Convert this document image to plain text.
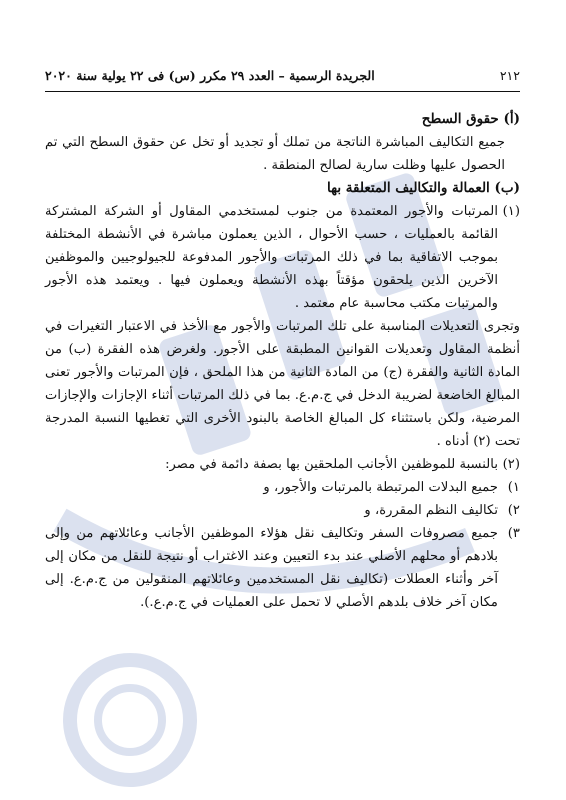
٢١٢
الجريدة الرسمية – العدد ٢٩ مكرر (س) فى ٢٢ يولية سنة ٢٠٢٠

(أ) حقوق السطح

جميع التكاليف المباشرة الناتجة من تملك أو تجديد أو تخل عن حقوق السطح التي تم الحصول عليها وظلت سارية لصالح المنطقة .

(ب) العمالة والتكاليف المتعلقة بها

(١)
المرتبات والأجور المعتمدة من جنوب لمستخدمي المقاول أو الشركة المشتركة القائمة بالعمليات ، حسب الأحوال ، الذين يعملون مباشرة في الأنشطة المختلفة بموجب الاتفاقية بما في ذلك المرتبات والأجور المدفوعة للجيولوجيين والموظفين الآخرين الذين يلحقون مؤقتاً بهذه الأنشطة ويعملون فيها . ويعتمد هذه الأجور والمرتبات مكتب محاسبة عام معتمد .

وتجرى التعديلات المناسبة على تلك المرتبات والأجور مع الأخذ في الاعتبار التغيرات في أنظمة المقاول وتعديلات القوانين المطبقة على الأجور. ولغرض هذه الفقرة (ب) من المادة الثانية والفقرة (ج) من المادة الثانية من هذا الملحق ، فإن المرتبات والأجور تعنى المبالغ الخاضعة لضريبة الدخل في ج.م.ع. بما في ذلك المرتبات أثناء الإجازات والإجازات المرضية، ولكن باستثناء كل المبالغ الخاصة بالبنود الأخرى التي تغطيها النسبة المدرجة تحت (٢) أدناه .

(٢)
بالنسبة للموظفين الأجانب الملحقين بها بصفة دائمة في مصر:
١)
جميع البدلات المرتبطة بالمرتبات والأجور، و
٢)
تكاليف النظم المقررة، و
٣)
جميع مصروفات السفر وتكاليف نقل هؤلاء الموظفين الأجانب وعائلاتهم من وإلى بلادهم أو محلهم الأصلي عند بدء التعيين وعند الاغتراب أو نتيجة للنقل من مكان إلى آخر وأثناء العطلات (تكاليف نقل المستخدمين وعائلاتهم المنقولين من ج.م.ع. إلى مكان آخر خلاف بلدهم الأصلي لا تحمل على العمليات في ج.م.ع.).
